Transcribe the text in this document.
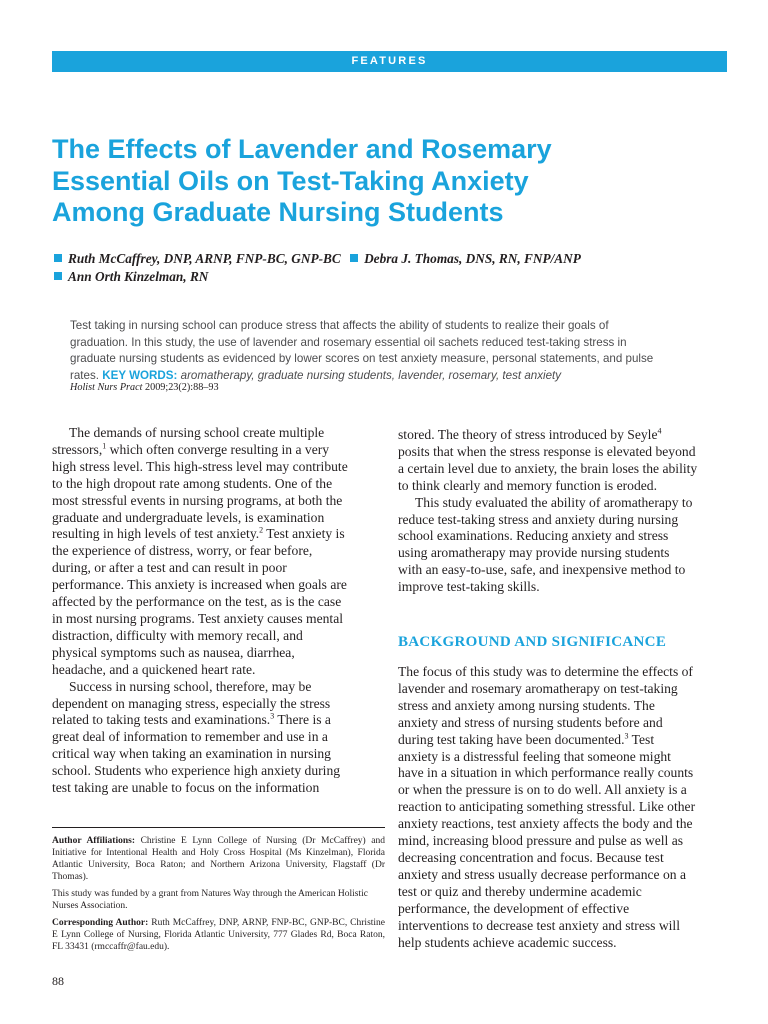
FEATURES
The Effects of Lavender and Rosemary
Essential Oils on Test-Taking Anxiety
Among Graduate Nursing Students
Ruth McCaffrey, DNP, ARNP, FNP-BC, GNP-BC Debra J. Thomas, DNS, RN, FNP/ANP
Ann Orth Kinzelman, RN
Test taking in nursing school can produce stress that affects the ability of students to realize their goals of
graduation. In this study, the use of lavender and rosemary essential oil sachets reduced test-taking stress in
graduate nursing students as evidenced by lower scores on test anxiety measure, personal statements, and pulse
rates. KEY WORDS: aromatherapy, graduate nursing students, lavender, rosemary, test anxiety
Holist Nurs Pract 2009;23(2):88–93
The demands of nursing school create multiple
stressors,$^1$ which often converge resulting in a very
high stress level. This high-stress level may contribute
to the high dropout rate among students. One of the
most stressful events in nursing programs, at both the
graduate and undergraduate levels, is examination
resulting in high levels of test anxiety.$^2$ Test anxiety is
the experience of distress, worry, or fear before,
during, or after a test and can result in poor
performance. This anxiety is increased when goals are
affected by the performance on the test, as is the case
in most nursing programs. Test anxiety causes mental
distraction, difficulty with memory recall, and
physical symptoms such as nausea, diarrhea,
headache, and a quickened heart rate.
Success in nursing school, therefore, may be
dependent on managing stress, especially the stress
related to taking tests and examinations.$^3$ There is a
great deal of information to remember and use in a
critical way when taking an examination in nursing
school. Students who experience high anxiety during
test taking are unable to focus on the information
stored. The theory of stress introduced by Seyle$^4$
posits that when the stress response is elevated beyond
a certain level due to anxiety, the brain loses the ability
to think clearly and memory function is eroded.
This study evaluated the ability of aromatherapy to
reduce test-taking stress and anxiety during nursing
school examinations. Reducing anxiety and stress
using aromatherapy may provide nursing students
with an easy-to-use, safe, and inexpensive method to
improve test-taking skills.
BACKGROUND AND SIGNIFICANCE
The focus of this study was to determine the effects of
lavender and rosemary aromatherapy on test-taking
stress and anxiety among nursing students. The
anxiety and stress of nursing students before and
during test taking have been documented.$^3$ Test
anxiety is a distressful feeling that someone might
have in a situation in which performance really counts
or when the pressure is on to do well. All anxiety is a
reaction to anticipating something stressful. Like other
anxiety reactions, test anxiety affects the body and the
mind, increasing blood pressure and pulse as well as
decreasing concentration and focus. Because test
anxiety and stress usually decrease performance on a
test or quiz and thereby undermine academic
performance, the development of effective
interventions to decrease test anxiety and stress will
help students achieve academic success.
Author Affiliations: Christine E Lynn College of Nursing (Dr McCaffrey) and Initiative for Intentional Health and Holy Cross Hospital (Ms Kinzelman), Florida Atlantic University, Boca Raton; and Northern Arizona University, Flagstaff (Dr Thomas).
This study was funded by a grant from Natures Way through the American Holistic Nurses Association.
Corresponding Author: Ruth McCaffrey, DNP, ARNP, FNP-BC, GNP-BC, Christine E Lynn College of Nursing, Florida Atlantic University, 777 Glades Rd, Boca Raton, FL 33431 (rmccaffr@fau.edu).
88
